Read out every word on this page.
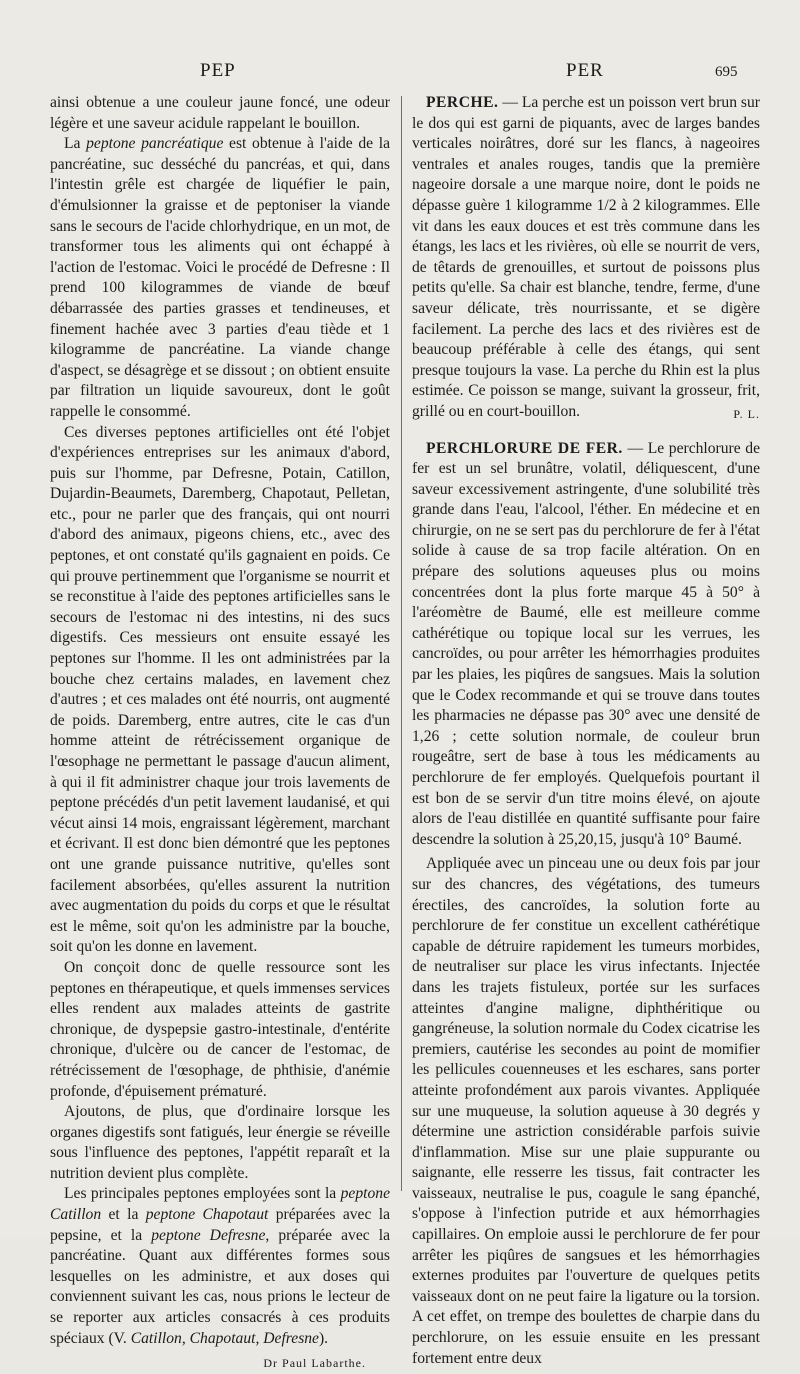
PEP	PER	695

ainsi obtenue a une couleur jaune foncé, une odeur légère et une saveur acidule rappelant le bouillon.

La peptone pancréatique est obtenue à l'aide de la pancréatine, suc desséché du pancréas, et qui, dans l'intestin grêle est chargée de liquéfier le pain, d'émulsionner la graisse et de peptoniser la viande sans le secours de l'acide chlorhydrique, en un mot, de transformer tous les aliments qui ont échappé à l'action de l'estomac. Voici le procédé de Defresne : Il prend 100 kilogrammes de viande de bœuf débarrassée des parties grasses et tendineuses, et finement hachée avec 3 parties d'eau tiède et 1 kilogramme de pancréatine. La viande change d'aspect, se désagrège et se dissout ; on obtient ensuite par filtration un liquide savoureux, dont le goût rappelle le consommé.

Ces diverses peptones artificielles ont été l'objet d'expériences entreprises sur les animaux d'abord, puis sur l'homme, par Defresne, Potain, Catillon, Dujardin-Beaumets, Daremberg, Chapotaut, Pelletan, etc., pour ne parler que des français, qui ont nourri d'abord des animaux, pigeons chiens, etc., avec des peptones, et ont constaté qu'ils gagnaient en poids. Ce qui prouve pertinemment que l'organisme se nourrit et se reconstitue à l'aide des peptones artificielles sans le secours de l'estomac ni des intestins, ni des sucs digestifs. Ces messieurs ont ensuite essayé les peptones sur l'homme. Il les ont administrées par la bouche chez certains malades, en lavement chez d'autres ; et ces malades ont été nourris, ont augmenté de poids. Daremberg, entre autres, cite le cas d'un homme atteint de rétrécissement organique de l'œsophage ne permettant le passage d'aucun aliment, à qui il fit administrer chaque jour trois lavements de peptone précédés d'un petit lavement laudanisé, et qui vécut ainsi 14 mois, engraissant légèrement, marchant et écrivant. Il est donc bien démontré que les peptones ont une grande puissance nutritive, qu'elles sont facilement absorbées, qu'elles assurent la nutrition avec augmentation du poids du corps et que le résultat est le même, soit qu'on les administre par la bouche, soit qu'on les donne en lavement.

On conçoit donc de quelle ressource sont les peptones en thérapeutique, et quels immenses services elles rendent aux malades atteints de gastrite chronique, de dyspepsie gastro-intestinale, d'entérite chronique, d'ulcère ou de cancer de l'estomac, de rétrécissement de l'œsophage, de phthisie, d'anémie profonde, d'épuisement prématuré.

Ajoutons, de plus, que d'ordinaire lorsque les organes digestifs sont fatigués, leur énergie se réveille sous l'influence des peptones, l'appétit reparaît et la nutrition devient plus complète.

Les principales peptones employées sont la peptone Catillon et la peptone Chapotaut préparées avec la pepsine, et la peptone Defresne, préparée avec la pancréatine. Quant aux différentes formes sous lesquelles on les administre, et aux doses qui conviennent suivant les cas, nous prions le lecteur de se reporter aux articles consacrés à ces produits spéciaux (V. Catillon, Chapotaut, Defresne).

Dr Paul Labarthe.

PERCHE. — La perche est un poisson vert brun sur le dos qui est garni de piquants, avec de larges bandes verticales noirâtres, doré sur les flancs, à nageoires ventrales et anales rouges, tandis que la première nageoire dorsale a une marque noire, dont le poids ne dépasse guère 1 kilogramme 1/2 à 2 kilogrammes. Elle vit dans les eaux douces et est très commune dans les étangs, les lacs et les rivières, où elle se nourrit de vers, de têtards de grenouilles, et surtout de poissons plus petits qu'elle. Sa chair est blanche, tendre, ferme, d'une saveur délicate, très nourrissante, et se digère facilement. La perche des lacs et des rivières est de beaucoup préférable à celle des étangs, qui sent presque toujours la vase. La perche du Rhin est la plus estimée. Ce poisson se mange, suivant la grosseur, frit, grillé ou en court-bouillon.	P. L.

PERCHLORURE DE FER. — Le perchlorure de fer est un sel brunâtre, volatil, déliquescent, d'une saveur excessivement astringente, d'une solubilité très grande dans l'eau, l'alcool, l'éther. En médecine et en chirurgie, on ne se sert pas du perchlorure de fer à l'état solide à cause de sa trop facile altération. On en prépare des solutions aqueuses plus ou moins concentrées dont la plus forte marque 45 à 50° à l'aréomètre de Baumé, elle est meilleure comme cathérétique ou topique local sur les verrues, les cancroïdes, ou pour arrêter les hémorrhagies produites par les plaies, les piqûres de sangsues. Mais la solution que le Codex recommande et qui se trouve dans toutes les pharmacies ne dépasse pas 30° avec une densité de 1,26 ; cette solution normale, de couleur brun rougeâtre, sert de base à tous les médicaments au perchlorure de fer employés. Quelquefois pourtant il est bon de se servir d'un titre moins élevé, on ajoute alors de l'eau distillée en quantité suffisante pour faire descendre la solution à 25,20,15, jusqu'à 10° Baumé.

Appliquée avec un pinceau une ou deux fois par jour sur des chancres, des végétations, des tumeurs érectiles, des cancroïdes, la solution forte au perchlorure de fer constitue un excellent cathérétique capable de détruire rapidement les tumeurs morbides, de neutraliser sur place les virus infectants. Injectée dans les trajets fistuleux, portée sur les surfaces atteintes d'angine maligne, diphthéritique ou gangréneuse, la solution normale du Codex cicatrise les premiers, cautérise les secondes au point de momifier les pellicules couenneuses et les eschares, sans porter atteinte profondément aux parois vivantes. Appliquée sur une muqueuse, la solution aqueuse à 30 degrés y détermine une astriction considérable parfois suivie d'inflammation. Mise sur une plaie suppurante ou saignante, elle resserre les tissus, fait contracter les vaisseaux, neutralise le pus, coagule le sang épanché, s'oppose à l'infection putride et aux hémorrhagies capillaires. On emploie aussi le perchlorure de fer pour arrêter les piqûres de sangsues et les hémorrhagies externes produites par l'ouverture de quelques petits vaisseaux dont on ne peut faire la ligature ou la torsion. A cet effet, on trempe des boulettes de charpie dans du perchlorure, on les essuie ensuite en les pressant fortement entre deux
